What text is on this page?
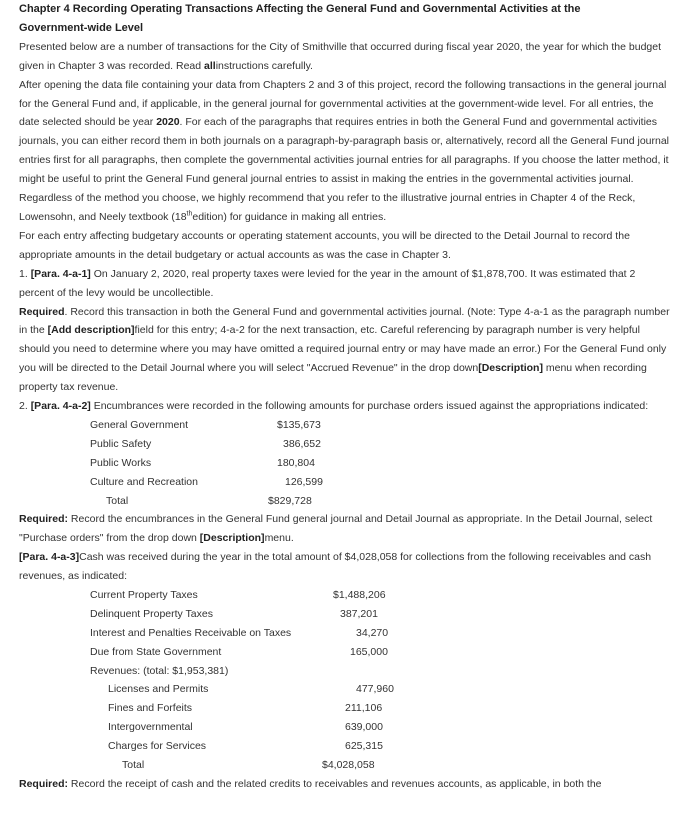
Chapter 4 Recording Operating Transactions Affecting the General Fund and Governmental Activities at the
Government-wide Level

Presented below are a number of transactions for the City of Smithville that occurred during fiscal year 2020, the year for which the budget given in Chapter 3 was recorded. Read allinstructions carefully.

After opening the data file containing your data from Chapters 2 and 3 of this project, record the following transactions in the general journal for the General Fund and, if applicable, in the general journal for governmental activities at the government-wide level. For all entries, the date selected should be year 2020. For each of the paragraphs that requires entries in both the General Fund and governmental activities journals, you can either record them in both journals on a paragraph-by-paragraph basis or, alternatively, record all the General Fund journal entries first for all paragraphs, then complete the governmental activities journal entries for all paragraphs. If you choose the latter method, it might be useful to print the General Fund general journal entries to assist in making the entries in the governmental activities journal. Regardless of the method you choose, we highly recommend that you refer to the illustrative journal entries in Chapter 4 of the Reck, Lowensohn, and Neely textbook (18thedition) for guidance in making all entries.

For each entry affecting budgetary accounts or operating statement accounts, you will be directed to the Detail Journal to record the appropriate amounts in the detail budgetary or actual accounts as was the case in Chapter 3.

1. [Para. 4-a-1] On January 2, 2020, real property taxes were levied for the year in the amount of $1,878,700. It was estimated that 2 percent of the levy would be uncollectible.

Required. Record this transaction in both the General Fund and governmental activities journal. (Note: Type 4-a-1 as the paragraph number in the [Add description]field for this entry; 4-a-2 for the next transaction, etc. Careful referencing by paragraph number is very helpful should you need to determine where you may have omitted a required journal entry or may have made an error.) For the General Fund only you will be directed to the Detail Journal where you will select "Accrued Revenue" in the drop down[Description] menu when recording property tax revenue.

2. [Para. 4-a-2] Encumbrances were recorded in the following amounts for purchase orders issued against the appropriations indicated:

General Government	$135,673
Public Safety	386,652
Public Works	180,804
Culture and Recreation	126,599
Total	$829,728

Required: Record the encumbrances in the General Fund general journal and Detail Journal as appropriate. In the Detail Journal, select "Purchase orders" from the drop down [Description]menu.

[Para. 4-a-3]Cash was received during the year in the total amount of $4,028,058 for collections from the following receivables and cash revenues, as indicated:

Current Property Taxes	$1,488,206
Delinquent Property Taxes	387,201
Interest and Penalties Receivable on Taxes	34,270
Due from State Government	165,000
Revenues: (total: $1,953,381)
Licenses and Permits	477,960
Fines and Forfeits	211,106
Intergovernmental	639,000
Charges for Services	625,315
Total	$4,028,058

Required: Record the receipt of cash and the related credits to receivables and revenues accounts, as applicable, in both the
